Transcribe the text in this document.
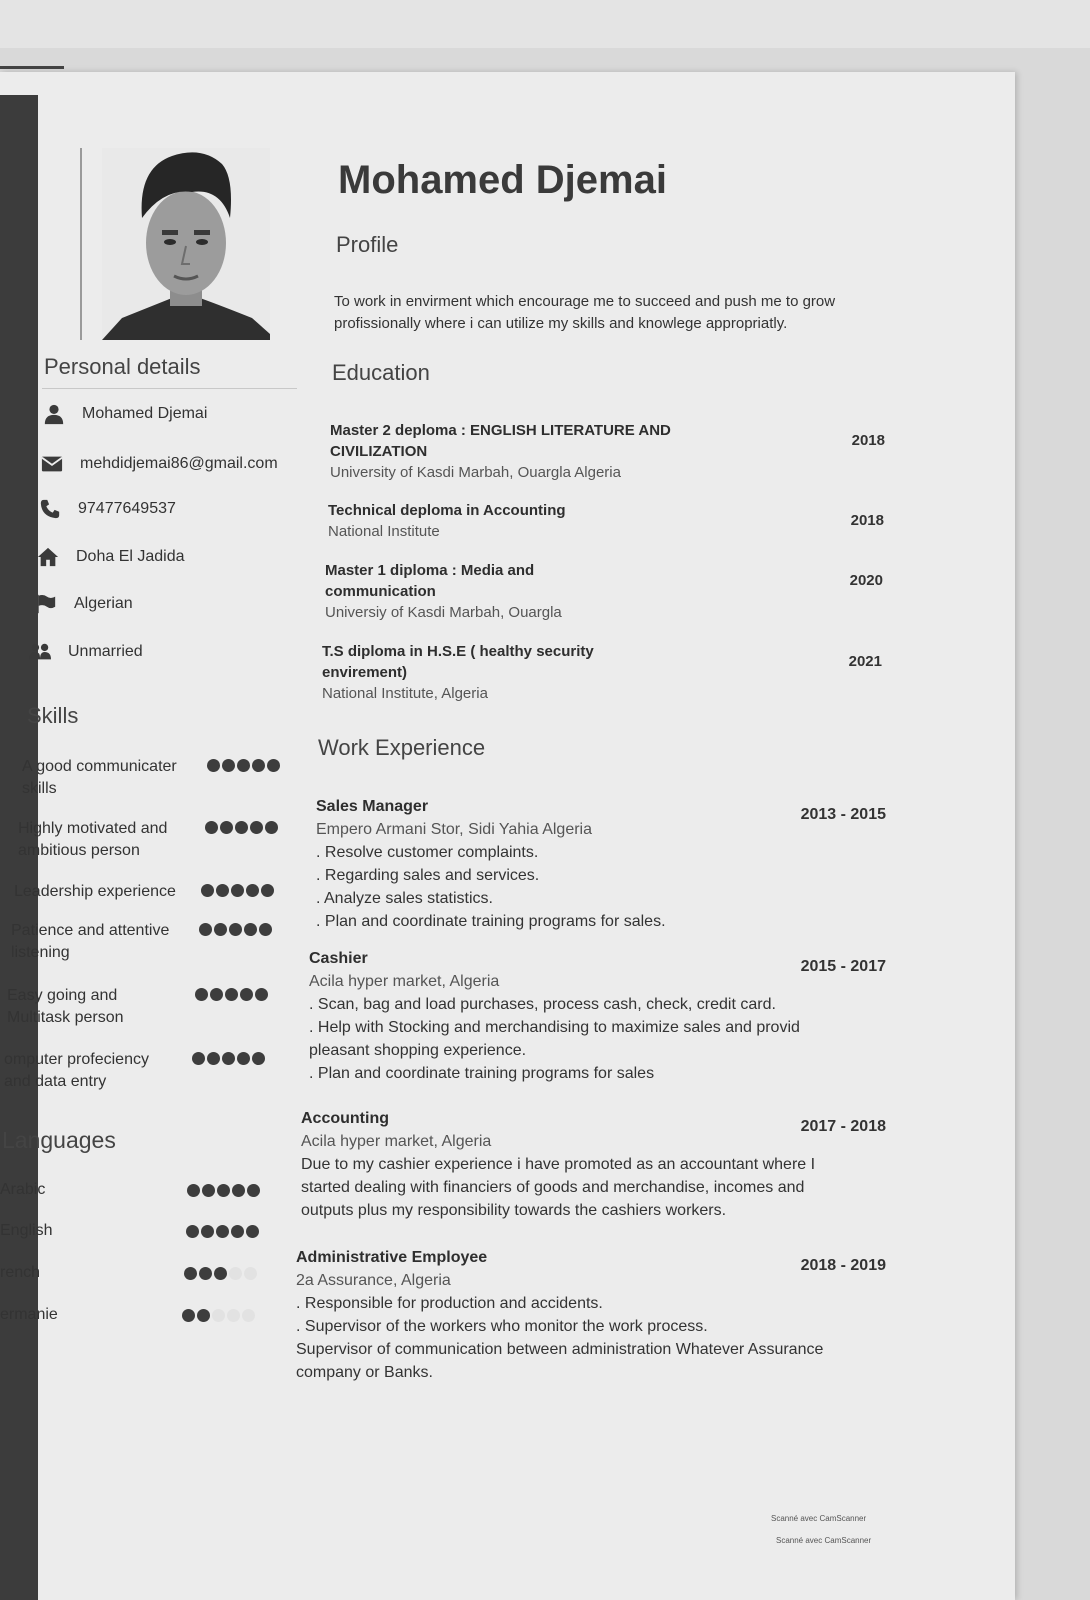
Personal details
Mohamed Djemai
mehdidjemai86@gmail.com
97477649537
Doha El Jadida
Algerian
Unmarried
Skills
A good communicater skills
Highly motivated and ambitious person
Leadership experience
Patience and attentive listening
Easy going and Multitask person
omputer profeciency and data entry
Languages
Arabic
English
rench
ermanie
Mohamed Djemai
Profile
To work in envirment which encourage me to succeed and push me to grow profissionally where i can utilize my skills and knowlege appropriatly.
Education
Master 2 deploma : ENGLISH LITERATURE AND CIVILIZATION
University of Kasdi Marbah, Ouargla Algeria
2018
Technical deploma in Accounting
National Institute
2018
Master 1 diploma : Media and communication
Universiy of Kasdi Marbah, Ouargla
2020
T.S diploma in H.S.E ( healthy security envirement)
National Institute, Algeria
2021
Work Experience
Sales Manager
Empero Armani Stor, Sidi Yahia Algeria
. Resolve customer complaints.
. Regarding sales and services.
. Analyze sales statistics.
. Plan and coordinate training programs for sales.
2013 - 2015
Cashier
Acila hyper market, Algeria
. Scan, bag and load purchases, process cash, check, credit card.
. Help with Stocking and merchandising to maximize sales and provid pleasant shopping experience.
. Plan and coordinate training programs for sales
2015 - 2017
Accounting
Acila hyper market, Algeria
Due to my cashier experience i have promoted as an accountant where I started dealing with financiers of goods and merchandise, incomes and outputs plus my responsibility towards the cashiers workers.
2017 - 2018
Administrative Employee
2a Assurance, Algeria
. Responsible for production and accidents.
. Supervisor of the workers who monitor the work process.
Supervisor of communication between administration Whatever Assurance company or Banks.
2018 - 2019
Scanné avec CamScanner
Scanné avec CamScanner
